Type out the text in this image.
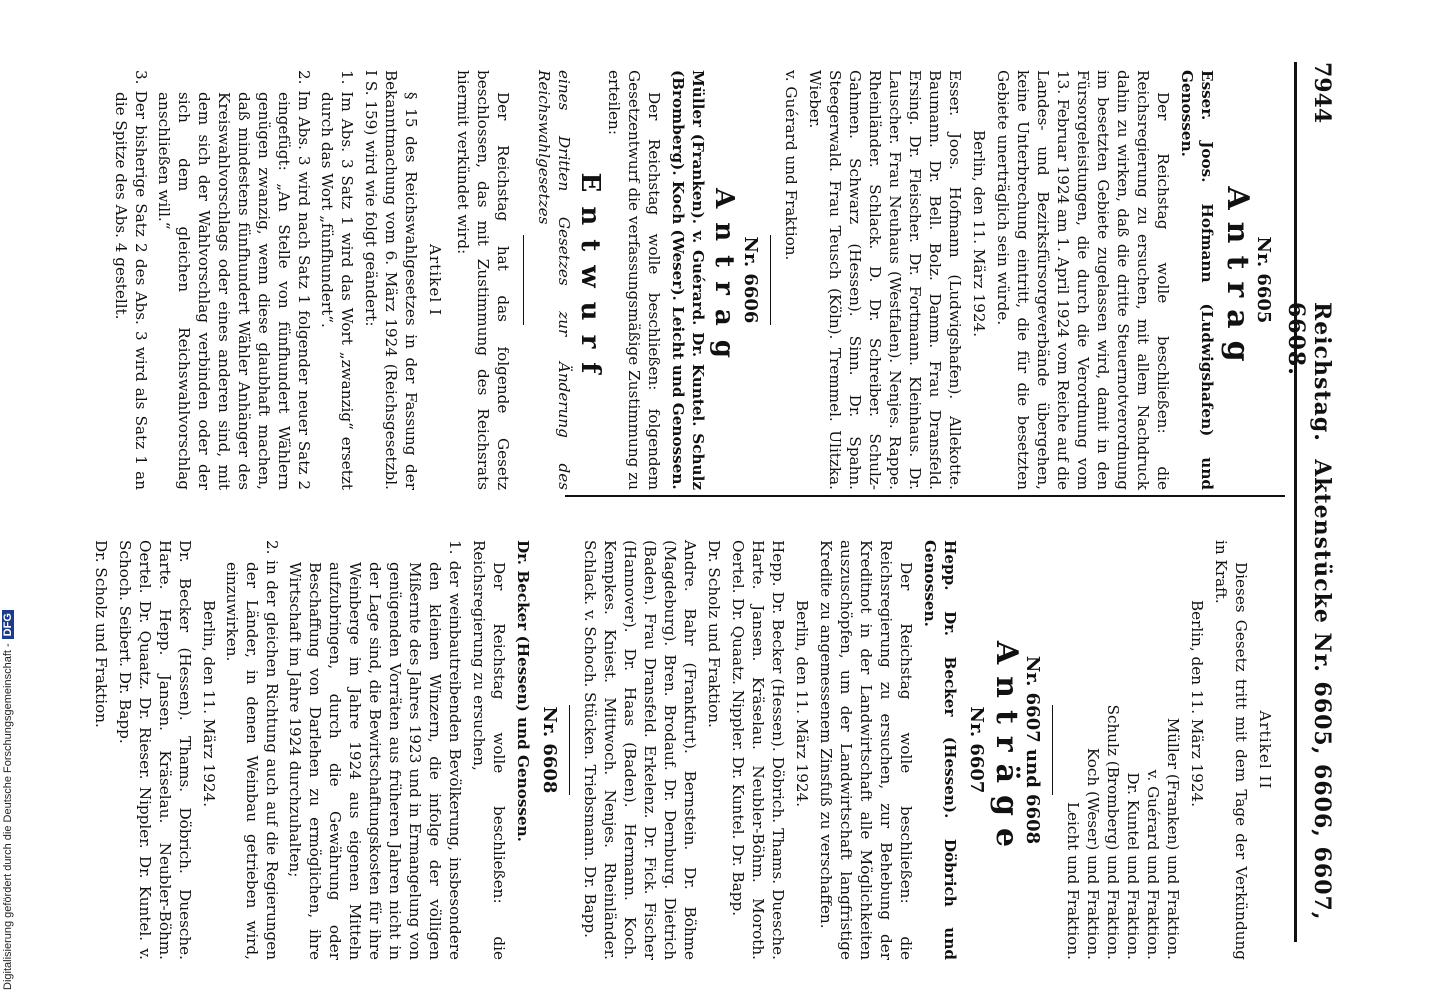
7944
Reichstag.  Aktenstücke Nr. 6605, 6606, 6607, 6608.
Nr. 6605
Antrag

Esser. Joos. Hofmann (Ludwigshafen) und Genossen.

Der Reichstag wolle beschließen: die Reichsregierung zu ersuchen, mit allem Nachdruck dahin zu wirken, daß die dritte Steuernotverordnung im besetzten Gebiete zugelassen wird, damit in den Fürsorgeleistungen, die durch die Verordnung vom 13. Februar 1924 am 1. April 1924 vom Reiche auf die Landes- und Bezirksfürsorgeverbände übergehen, keine Unterbrechung eintritt, die für die besetzten Gebiete unerträglich sein würde.

Berlin, den 11. März 1924.

Esser. Joos. Hofmann (Ludwigshafen). Allekotte. Baumann. Dr. Bell. Bolz. Damm. Frau Dransfeld. Ersing. Dr. Fleischer. Dr. Fortmann. Kleinhaus. Dr. Lauscher. Frau Neuhaus (Westfalen). Nenjes. Rappe. Rheinländer. Schlack. D. Dr. Schreiber. Schulz-Gahmen. Schwarz (Hessen). Sinn. Dr. Spahn. Steegerwald. Frau Teusch (Köln). Tremmel. Ulitzka. Wieber.

v. Guérard und Fraktion.

Nr. 6606
Antrag

Müller (Franken). v. Guérard. Dr. Kuntel. Schulz (Bromberg). Koch (Weser). Leicht und Genossen.

Der Reichstag wolle beschließen: folgendem Gesetzentwurf die verfassungsmäßige Zustimmung zu erteilen:

Entwurf

eines Dritten Gesetzes zur Änderung des Reichswahlgesetzes

Der Reichstag hat das folgende Gesetz beschlossen, das mit Zustimmung des Reichsrats hiermit verkündet wird:

Artikel I

§ 15 des Reichswahlgesetzes in der Fassung der Bekanntmachung vom 6. März 1924 (Reichsgesetzbl. I S. 159) wird wie folgt geändert:

1. Im Abs. 3 Satz 1 wird das Wort „zwanzig“ ersetzt durch das Wort „fünfhundert“.
2. Im Abs. 3 wird nach Satz 1 folgender neuer Satz 2 eingefügt: „An Stelle von fünfhundert Wählern genügen zwanzig, wenn diese glaubhaft machen, daß mindestens fünfhundert Wähler Anhänger des Kreiswahlvorschlags oder eines anderen sind, mit dem sich der Wahlvorschlag verbinden oder der sich dem gleichen Reichswahlvorschlag anschließen will.“
3. Der bisherige Satz 2 des Abs. 3 wird als Satz 1 an die Spitze des Abs. 4 gestellt.
Artikel II

Dieses Gesetz tritt mit dem Tage der Verkündung in Kraft.

Berlin, den 11. März 1924.

Müller (Franken) und Fraktion.
v. Guérard und Fraktion.
Dr. Kuntel und Fraktion.
Schulz (Bromberg) und Fraktion.
Koch (Weser) und Fraktion.
Leicht und Fraktion.
Nr. 6607 und 6608
Anträge
Nr. 6607

Hepp. Dr. Becker (Hessen). Döbrich und Genossen.

Der Reichstag wolle beschließen: die Reichsregierung zu ersuchen, zur Behebung der Kreditnot in der Landwirtschaft alle Möglichkeiten auszuschöpfen, um der Landwirtschaft langfristige Kredite zu angemessenem Zinsfuß zu verschaffen.

Berlin, den 11. März 1924.

Hepp. Dr. Becker (Hessen). Döbrich. Thams. Duesche. Harte. Jansen. Kräselau. Neubler-Böhm. Moroth. Oertel. Dr. Quaatz. Nippler. Dr. Kuntel. Dr. Bapp.

Dr. Scholz und Fraktion.

Andre. Bahr (Frankfurt). Bernstein. Dr. Böhme (Magdeburg). Bren. Brodauf. Dr. Dernburg. Dietrich (Baden). Frau Dransfeld. Erkelenz. Dr. Fick. Fischer (Hannover). Dr. Haas (Baden). Hermann. Koch. Kempkes. Kniest. Mittwoch. Nenjes. Rheinländer. Schlack. v. Schoch. Stücken. Triebsmann. Dr. Bapp.

Nr. 6608

Dr. Becker (Hessen) und Genossen.

Der Reichstag wolle beschließen: die Reichsregierung zu ersuchen,

1. der weinbautreibenden Bevölkerung, insbesondere den kleinen Winzern, die infolge der völligen Mißernte des Jahres 1923 und in Ermangelung von genügenden Vorräten aus früheren Jahren nicht in der Lage sind, die Bewirtschaftungskosten für ihre Weinberge im Jahre 1924 aus eigenen Mitteln aufzubringen, durch die Gewährung oder Beschaffung von Darlehen zu ermöglichen, ihre Wirtschaft im Jahre 1924 durchzuhalten;
2. in der gleichen Richtung auch auf die Regierungen der Länder, in denen Weinbau getrieben wird, einzuwirken.

Berlin, den 11. März 1924.

Dr. Becker (Hessen). Thams. Döbrich. Duesche. Harte. Hepp. Jansen. Kräselau. Neubler-Böhm. Oertel. Dr. Quaatz. Dr. Rieser. Nippler. Dr. Kuntel. v. Schoch. Seibert. Dr. Bapp.

Dr. Scholz und Fraktion.

Digitalisierung gefördert durch die Deutsche Forschungsgemeinschaft -DFG
